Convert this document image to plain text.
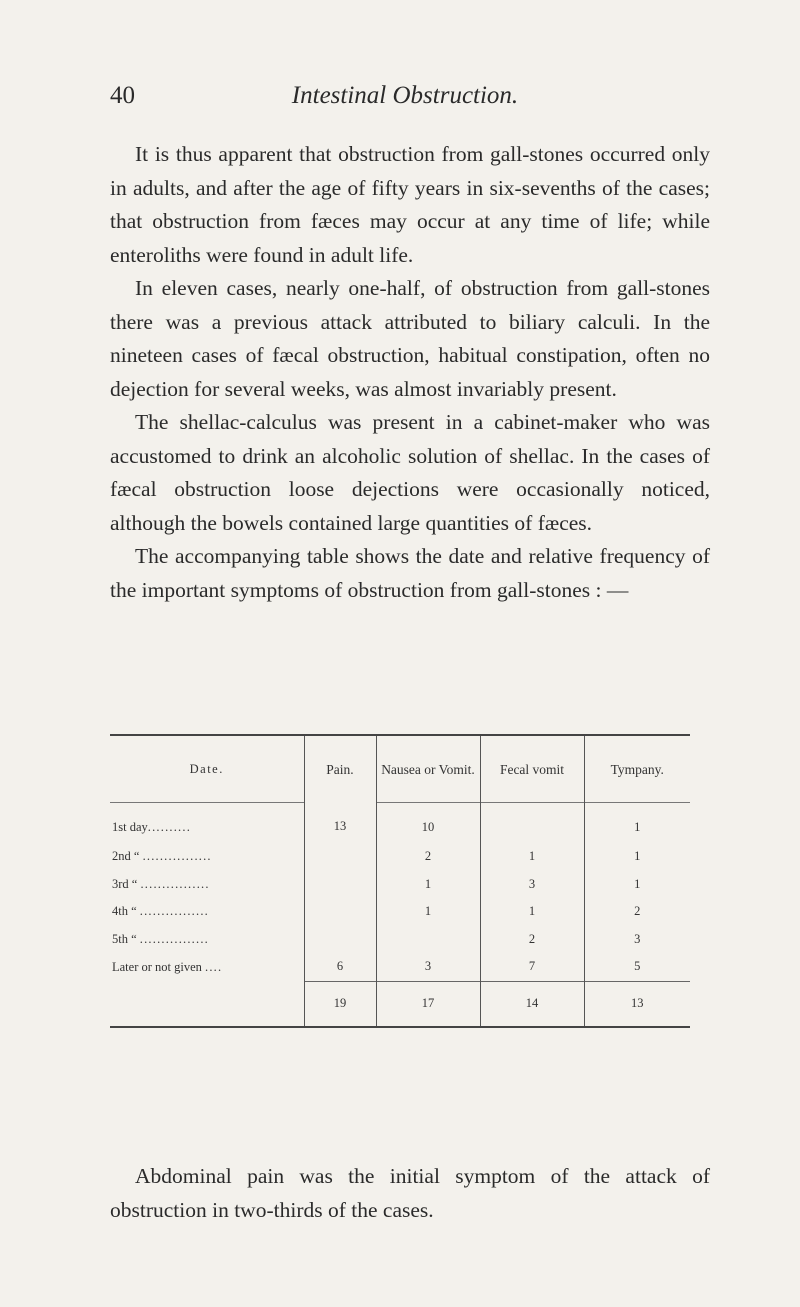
40	Intestinal Obstruction.

It is thus apparent that obstruction from gall-stones occurred only in adults, and after the age of fifty years in six-sevenths of the cases; that obstruction from fæces may occur at any time of life; while enteroliths were found in adult life.

In eleven cases, nearly one-half, of obstruction from gall-stones there was a previous attack attributed to biliary calculi. In the nineteen cases of fæcal obstruction, habitual constipation, often no dejection for several weeks, was almost invariably present.

The shellac-calculus was present in a cabinet-maker who was accustomed to drink an alcoholic solution of shellac. In the cases of fæcal obstruction loose dejections were occasionally noticed, although the bowels contained large quantities of fæces.

The accompanying table shows the date and relative frequency of the important symptoms of obstruction from gall-stones : —

Date.	Pain.	Nausea or Vomit.	Fecal vomit	Tympany.
1st day..........	13	10		1
2nd “ ................		2	1	1
3rd “ ................		1	3	1
4th “ ................		1	1	2
5th “ ................			2	3
Later or not given ....	6	3	7	5
	19	17	14	13

Abdominal pain was the initial symptom of the attack of obstruction in two-thirds of the cases.
